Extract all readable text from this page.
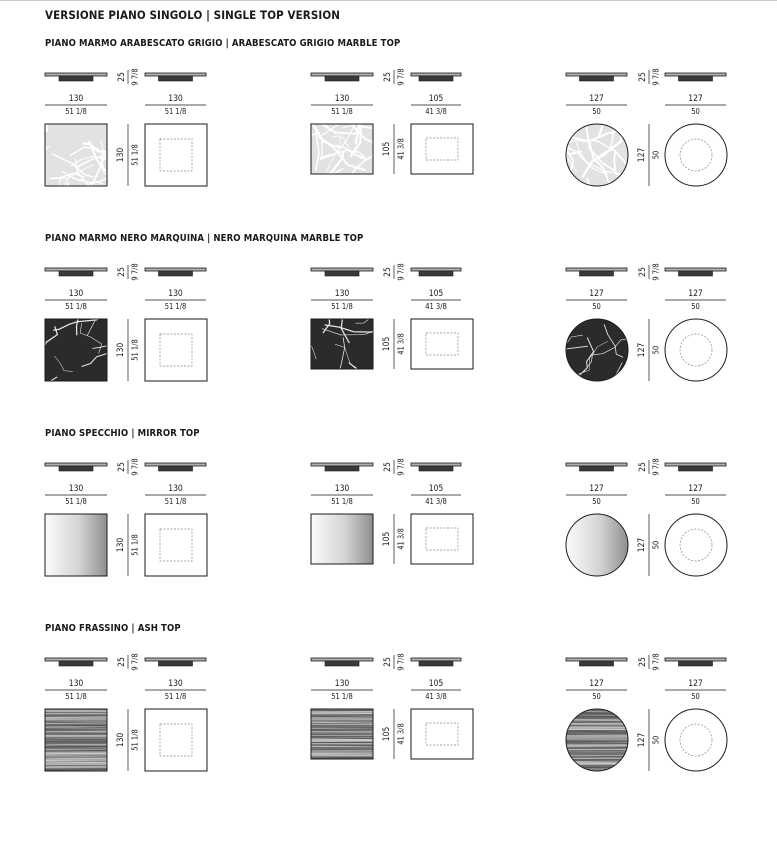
VERSIONE PIANO SINGOLO | SINGLE TOP VERSION
PIANO MARMO ARABESCATO GRIGIO | ARABESCATO GRIGIO MARBLE TOP
25 9 7/8
130
51 1/8
130
51 1/8
130 51 1/8
25 9 7/8
130
51 1/8
105
41 3/8
105 41 3/8
25 9 7/8
127
50
127
50
127 50
PIANO MARMO NERO MARQUINA | NERO MARQUINA MARBLE TOP
25 9 7/8
130
51 1/8
130
51 1/8
130 51 1/8
25 9 7/8
130
51 1/8
105
41 3/8
105 41 3/8
25 9 7/8
127
50
127
50
127 50
PIANO SPECCHIO | MIRROR TOP
25 9 7/8
130
51 1/8
130
51 1/8
130 51 1/8
25 9 7/8
130
51 1/8
105
41 3/8
105 41 3/8
25 9 7/8
127
50
127
50
127 50
PIANO FRASSINO | ASH TOP
25 9 7/8
130
51 1/8
130
51 1/8
130 51 1/8
25 9 7/8
130
51 1/8
105
41 3/8
105 41 3/8
25 9 7/8
127
50
127
50
127 50
